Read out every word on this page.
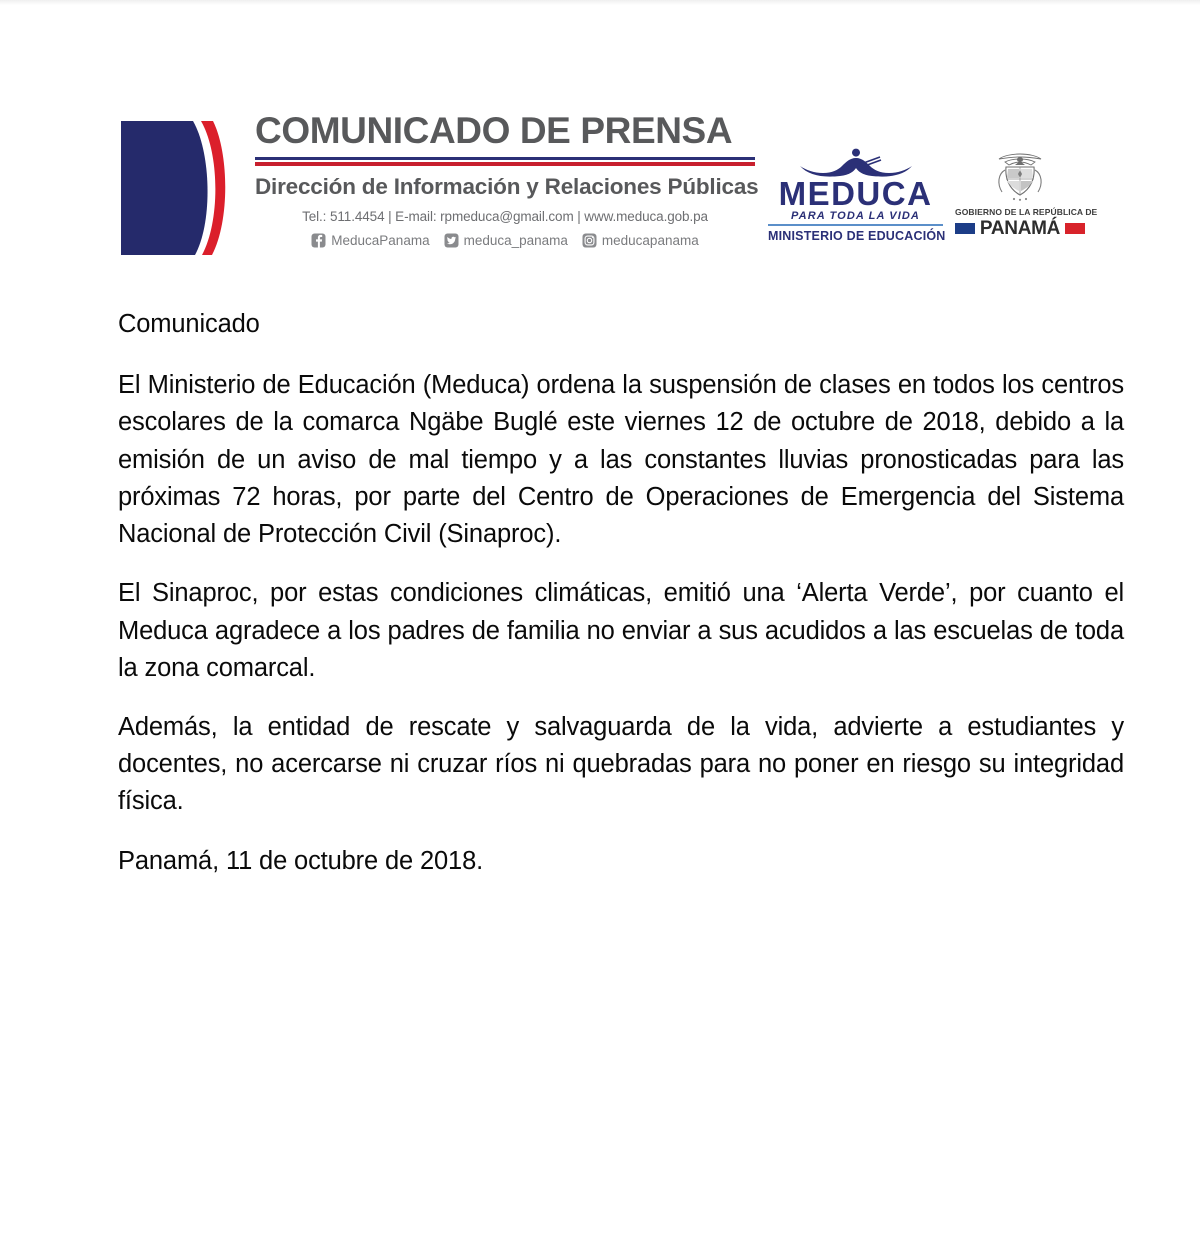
COMUNICADO DE PRENSA
Dirección de Información y Relaciones Públicas
Tel.: 511.4454 | E-mail: rpmeduca@gmail.com | www.meduca.gob.pa
MeducaPanama	meduca_panama	meducapanama
MEDUCA
PARA TODA LA VIDA
MINISTERIO DE EDUCACIÓN
GOBIERNO DE LA REPÚBLICA DE
PANAMÁ

Comunicado

El Ministerio de Educación (Meduca) ordena la suspensión de clases en todos los centros escolares de la comarca Ngäbe Buglé este viernes 12 de octubre de 2018, debido a la emisión de un aviso de mal tiempo y a las constantes lluvias pronosticadas para las próximas 72 horas, por parte del Centro de Operaciones de Emergencia del Sistema Nacional de Protección Civil (Sinaproc).

El Sinaproc, por estas condiciones climáticas, emitió una ‘Alerta Verde’, por cuanto el Meduca agradece a los padres de familia no enviar a sus acudidos a las escuelas de toda la zona comarcal.

Además, la entidad de rescate y salvaguarda de la vida, advierte a estudiantes y docentes, no acercarse ni cruzar ríos ni quebradas para no poner en riesgo su integridad física.

Panamá, 11 de octubre de 2018.
